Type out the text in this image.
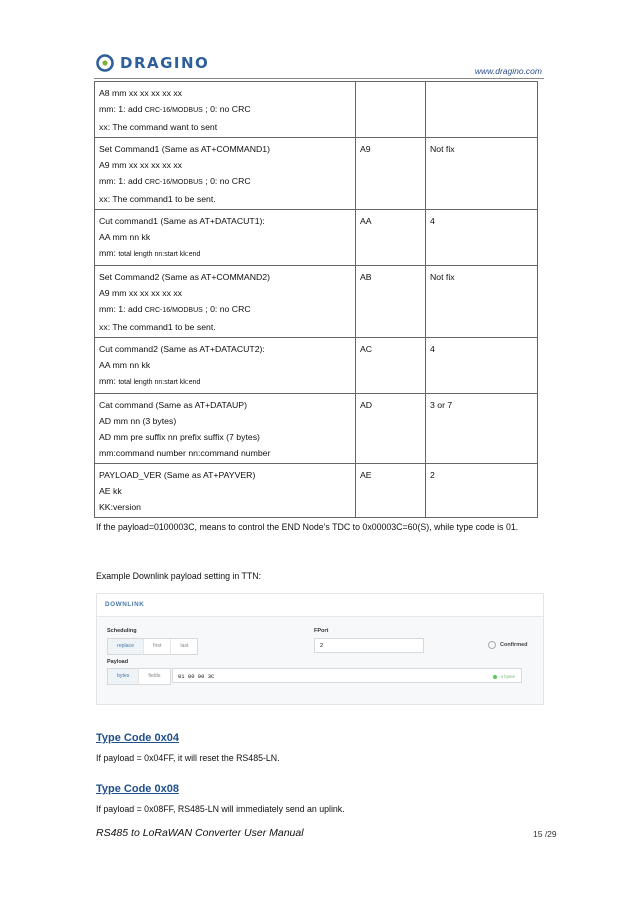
DRAGINO	www.dragino.com
A8 mm xx xx xx xx xx
mm: 1: add CRC-16/MODBUS ; 0: no CRC
xx: The command want to sent		

Set Command1 (Same as AT+COMMAND1)
A9 mm xx xx xx xx xx
mm: 1: add CRC-16/MODBUS ; 0: no CRC
xx: The command1 to be sent.	A9	Not fix

Cut command1 (Same as AT+DATACUT1):
AA mm nn kk
mm: total length nn:start kk:end	AA	4

Set Command2 (Same as AT+COMMAND2)
A9 mm xx xx xx xx xx
mm: 1: add CRC-16/MODBUS ; 0: no CRC
xx: The command1 to be sent.	AB	Not fix

Cut command2 (Same as AT+DATACUT2):
AA mm nn kk
mm: total length nn:start kk:end	AC	4

Cat command (Same as AT+DATAUP)
AD mm nn (3 bytes)
AD mm pre suffix nn prefix suffix (7 bytes)
mm:command number nn:command number	AD	3 or 7

PAYLOAD_VER (Same as AT+PAYVER)
AE kk
KK:version	AE	2
If the payload=0100003C, means to control the END Node’s TDC to 0x00003C=60(S), while type code is 01.
Example Downlink payload setting in TTN:
DOWNLINK
Scheduling
replace	first	last
FPort
2	Confirmed
Payload
bytes	fields	01 00 00 3C	4 bytes
Type Code 0x04
If payload = 0x04FF, it will reset the RS485-LN.
Type Code 0x08
If payload = 0x08FF, RS485-LN will immediately send an uplink.
RS485 to LoRaWAN Converter User Manual	15 /29
